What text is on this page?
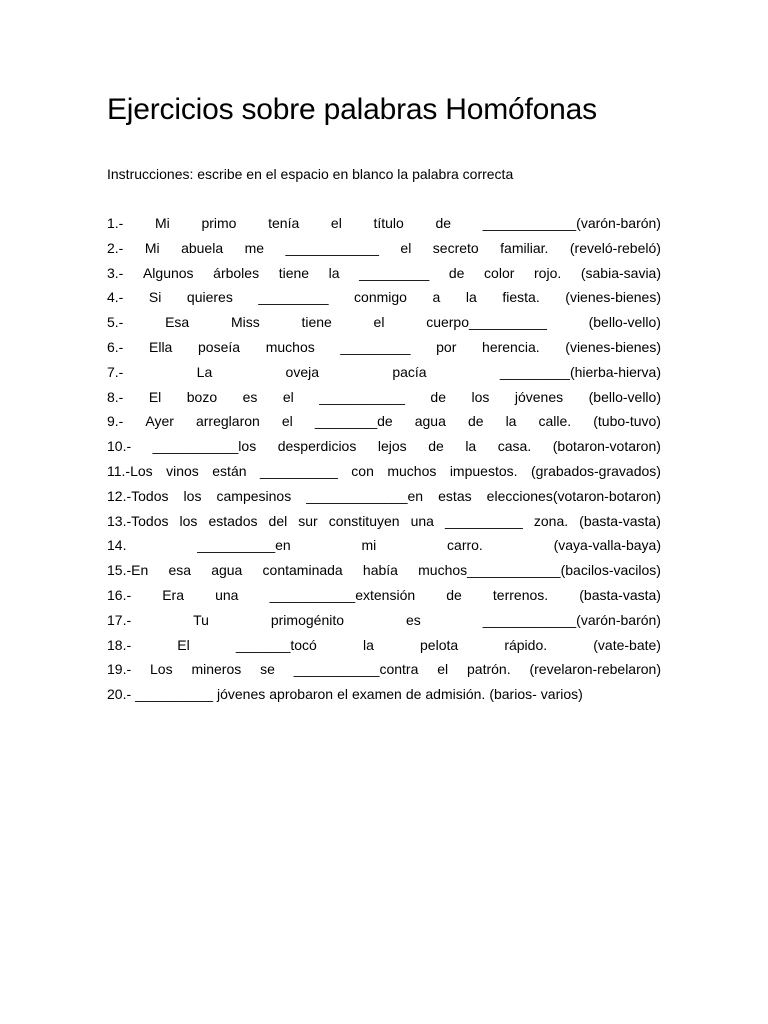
Ejercicios sobre palabras Homófonas
Instrucciones: escribe en el espacio en blanco la palabra correcta
1.- Mi primo tenía el título de ____________(varón-barón)
2.- Mi abuela me ____________ el secreto familiar. (reveló-rebeló)
3.- Algunos árboles tiene la _________ de color rojo. (sabia-savia)
4.- Si quieres _________ conmigo a la fiesta. (vienes-bienes)
5.-	Esa	Miss	tiene	el	cuerpo__________	(bello-vello)
6.- Ella poseía muchos _________ por herencia. (vienes-bienes)
7.-	La	oveja	pacía	_________(hierba-hierva)
8.- El bozo es el ___________ de los jóvenes (bello-vello)
9.- Ayer arreglaron el ________de agua de la calle. (tubo-tuvo)
10.- ___________los desperdicios lejos de la casa. (botaron-votaron)
11.-Los vinos están __________ con muchos impuestos. (grabados-gravados)
12.-Todos los campesinos _____________en estas elecciones(votaron-botaron)
13.-Todos los estados del sur constituyen una __________ zona. (basta-vasta)
14.	__________en	mi	carro.	(vaya-valla-baya)
15.-En esa agua contaminada había muchos____________(bacilos-vacilos)
16.- Era una ___________extensión de terrenos. (basta-vasta)
17.-	Tu	primogénito	es	____________(varón-barón)
18.-	El	_______tocó	la	pelota	rápido.	(vate-bate)
19.- Los mineros se ___________contra el patrón. (revelaron-rebelaron)
20.- __________ jóvenes aprobaron el examen de admisión. (barios- varios)
